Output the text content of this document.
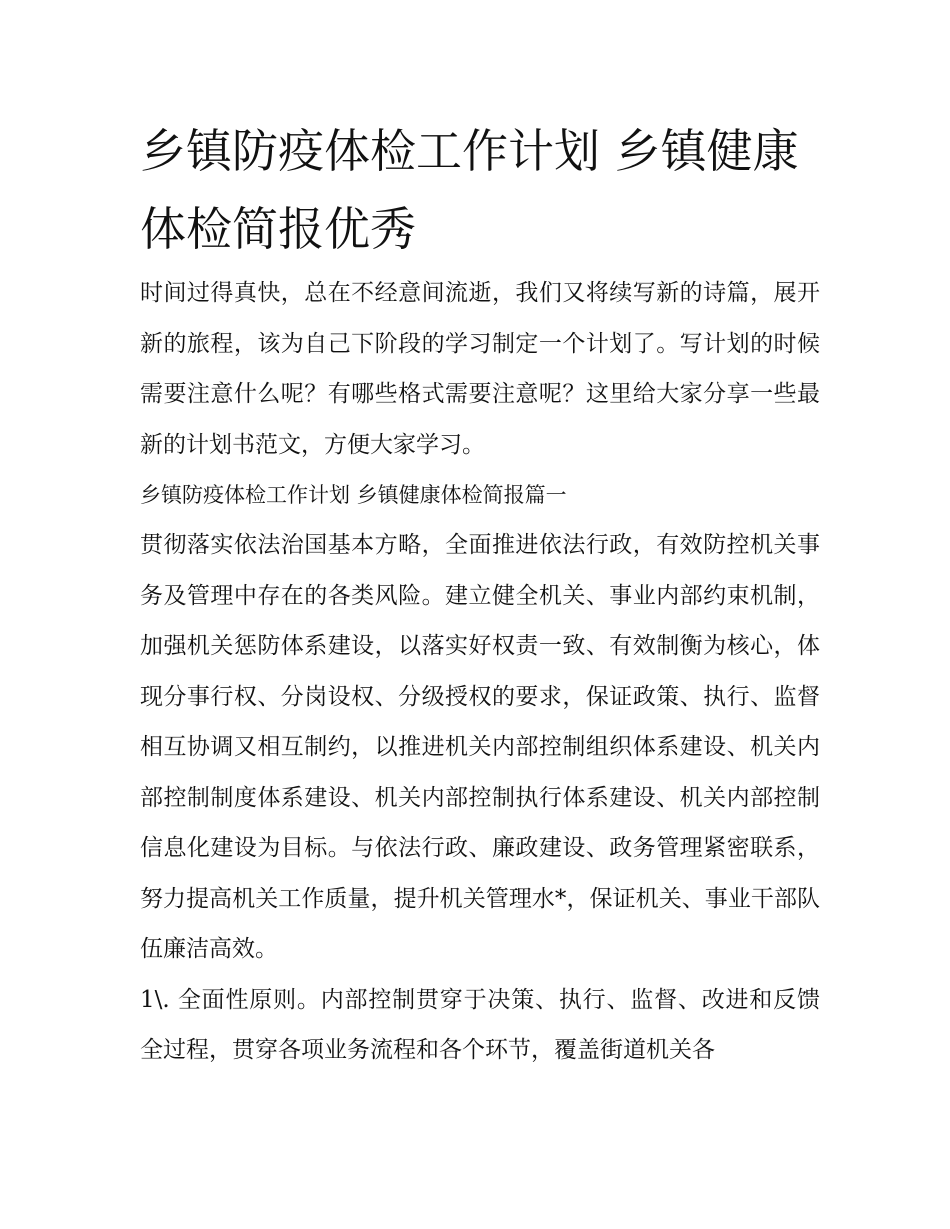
乡镇防疫体检工作计划 乡镇健康体检简报优秀

时间过得真快，总在不经意间流逝，我们又将续写新的诗篇，展开新的旅程，该为自己下阶段的学习制定一个计划了。写计划的时候需要注意什么呢？有哪些格式需要注意呢？这里给大家分享一些最新的计划书范文，方便大家学习。

乡镇防疫体检工作计划 乡镇健康体检简报篇一

贯彻落实依法治国基本方略，全面推进依法行政，有效防控机关事务及管理中存在的各类风险。建立健全机关、事业内部约束机制，加强机关惩防体系建设，以落实好权责一致、有效制衡为核心，体现分事行权、分岗设权、分级授权的要求，保证政策、执行、监督相互协调又相互制约，以推进机关内部控制组织体系建设、机关内部控制制度体系建设、机关内部控制执行体系建设、机关内部控制信息化建设为目标。与依法行政、廉政建设、政务管理紧密联系，努力提高机关工作质量，提升机关管理水*，保证机关、事业干部队伍廉洁高效。

1\. 全面性原则。内部控制贯穿于决策、执行、监督、改进和反馈全过程，贯穿各项业务流程和各个环节，覆盖街道机关各
